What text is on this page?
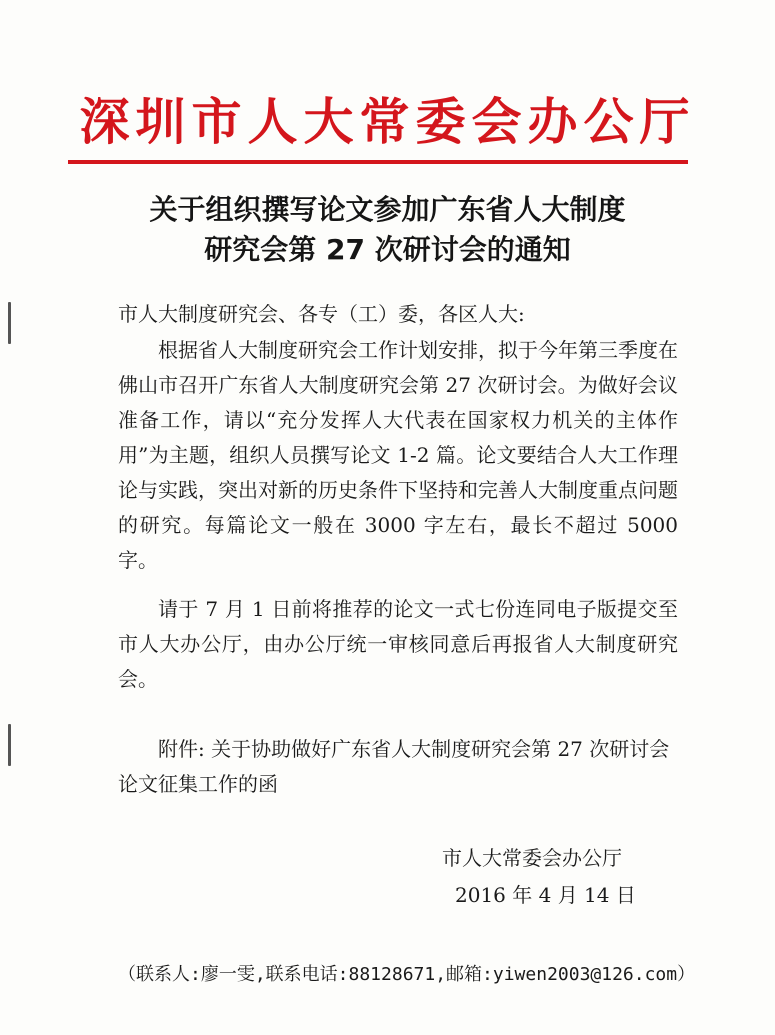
深圳市人大常委会办公厅
关于组织撰写论文参加广东省人大制度
研究会第 27 次研讨会的通知
市人大制度研究会、各专（工）委，各区人大:
根据省人大制度研究会工作计划安排，拟于今年第三季度在佛山市召开广东省人大制度研究会第 27 次研讨会。为做好会议准备工作，请以“充分发挥人大代表在国家权力机关的主体作用”为主题，组织人员撰写论文 1-2 篇。论文要结合人大工作理论与实践，突出对新的历史条件下坚持和完善人大制度重点问题的研究。每篇论文一般在 3000 字左右，最长不超过 5000 字。
请于 7 月 1 日前将推荐的论文一式七份连同电子版提交至市人大办公厅，由办公厅统一审核同意后再报省人大制度研究会。
附件: 关于协助做好广东省人大制度研究会第 27 次研讨会论文征集工作的函
市人大常委会办公厅
2016 年 4 月 14 日
（联系人:廖一雯,联系电话:88128671,邮箱:yiwen2003@126.com）
